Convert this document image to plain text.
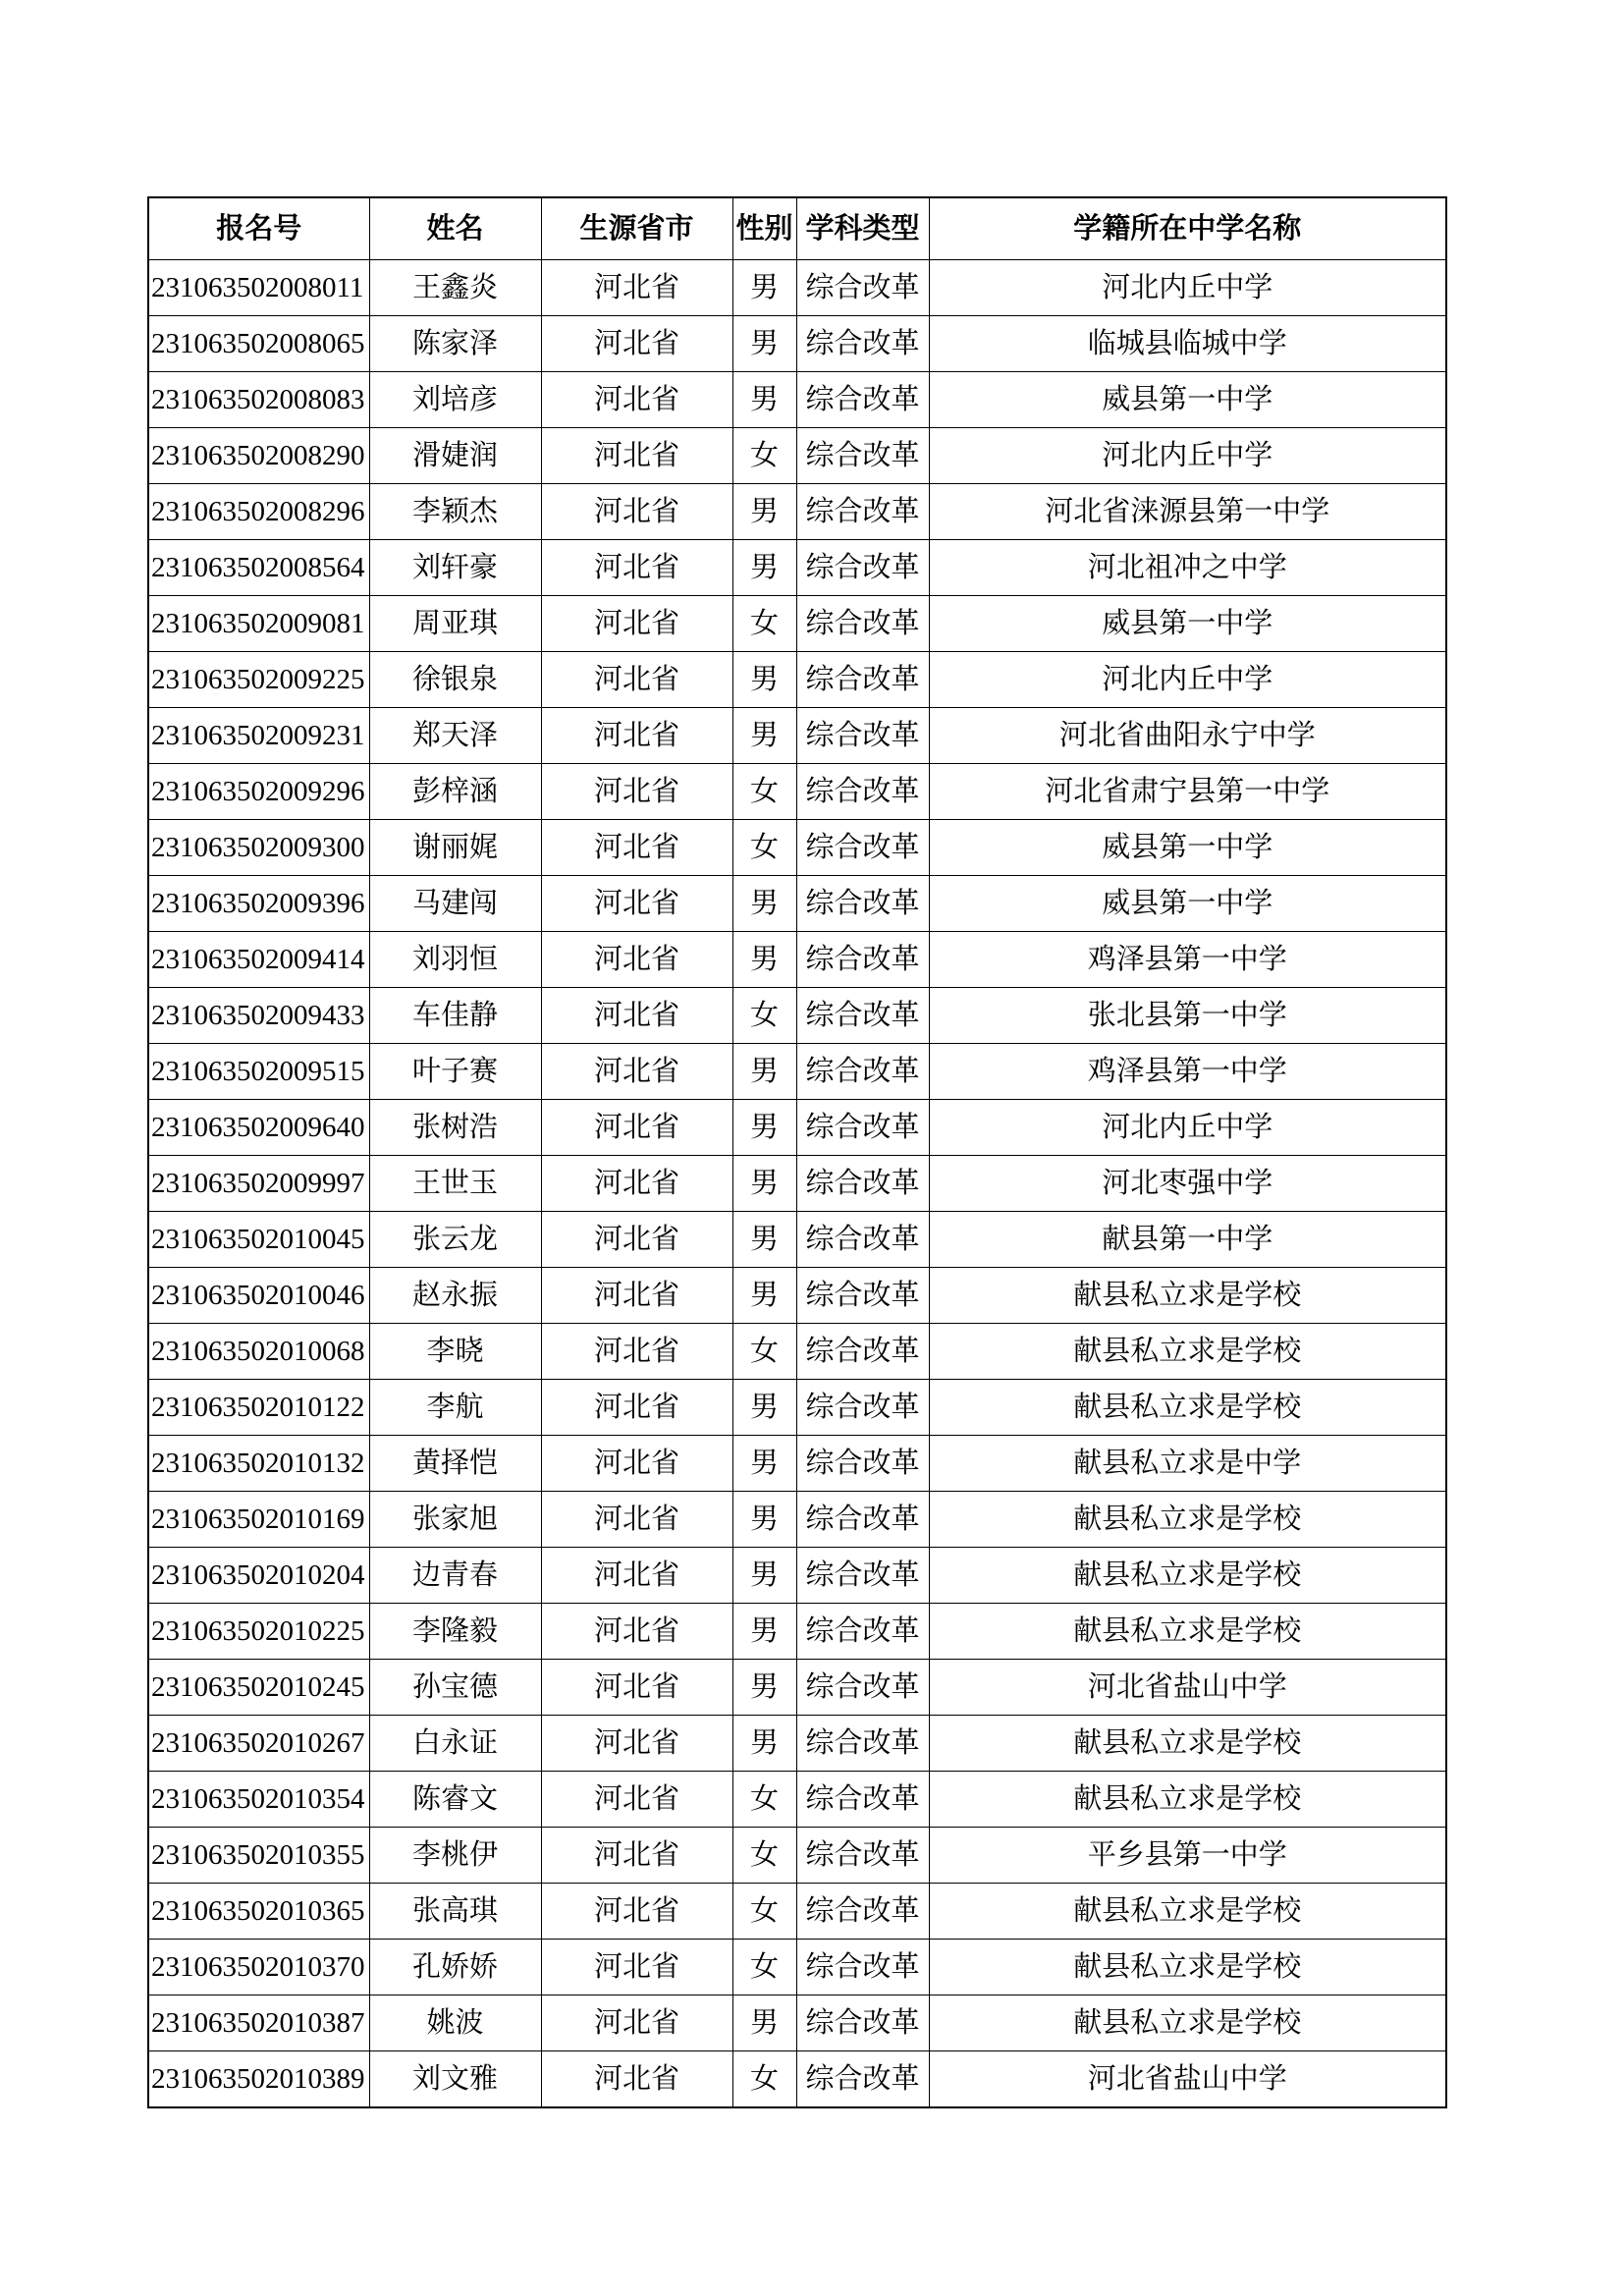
报名号	姓名	生源省市	性别	学科类型	学籍所在中学名称
231063502008011	王鑫炎	河北省	男	综合改革	河北内丘中学
231063502008065	陈家泽	河北省	男	综合改革	临城县临城中学
231063502008083	刘培彦	河北省	男	综合改革	威县第一中学
231063502008290	滑婕润	河北省	女	综合改革	河北内丘中学
231063502008296	李颖杰	河北省	男	综合改革	河北省涞源县第一中学
231063502008564	刘轩豪	河北省	男	综合改革	河北祖冲之中学
231063502009081	周亚琪	河北省	女	综合改革	威县第一中学
231063502009225	徐银泉	河北省	男	综合改革	河北内丘中学
231063502009231	郑天泽	河北省	男	综合改革	河北省曲阳永宁中学
231063502009296	彭梓涵	河北省	女	综合改革	河北省肃宁县第一中学
231063502009300	谢丽娓	河北省	女	综合改革	威县第一中学
231063502009396	马建闯	河北省	男	综合改革	威县第一中学
231063502009414	刘羽恒	河北省	男	综合改革	鸡泽县第一中学
231063502009433	车佳静	河北省	女	综合改革	张北县第一中学
231063502009515	叶子赛	河北省	男	综合改革	鸡泽县第一中学
231063502009640	张树浩	河北省	男	综合改革	河北内丘中学
231063502009997	王世玉	河北省	男	综合改革	河北枣强中学
231063502010045	张云龙	河北省	男	综合改革	献县第一中学
231063502010046	赵永振	河北省	男	综合改革	献县私立求是学校
231063502010068	李晓	河北省	女	综合改革	献县私立求是学校
231063502010122	李航	河北省	男	综合改革	献县私立求是学校
231063502010132	黄择恺	河北省	男	综合改革	献县私立求是中学
231063502010169	张家旭	河北省	男	综合改革	献县私立求是学校
231063502010204	边青春	河北省	男	综合改革	献县私立求是学校
231063502010225	李隆毅	河北省	男	综合改革	献县私立求是学校
231063502010245	孙宝德	河北省	男	综合改革	河北省盐山中学
231063502010267	白永证	河北省	男	综合改革	献县私立求是学校
231063502010354	陈睿文	河北省	女	综合改革	献县私立求是学校
231063502010355	李桃伊	河北省	女	综合改革	平乡县第一中学
231063502010365	张高琪	河北省	女	综合改革	献县私立求是学校
231063502010370	孔娇娇	河北省	女	综合改革	献县私立求是学校
231063502010387	姚波	河北省	男	综合改革	献县私立求是学校
231063502010389	刘文雅	河北省	女	综合改革	河北省盐山中学
